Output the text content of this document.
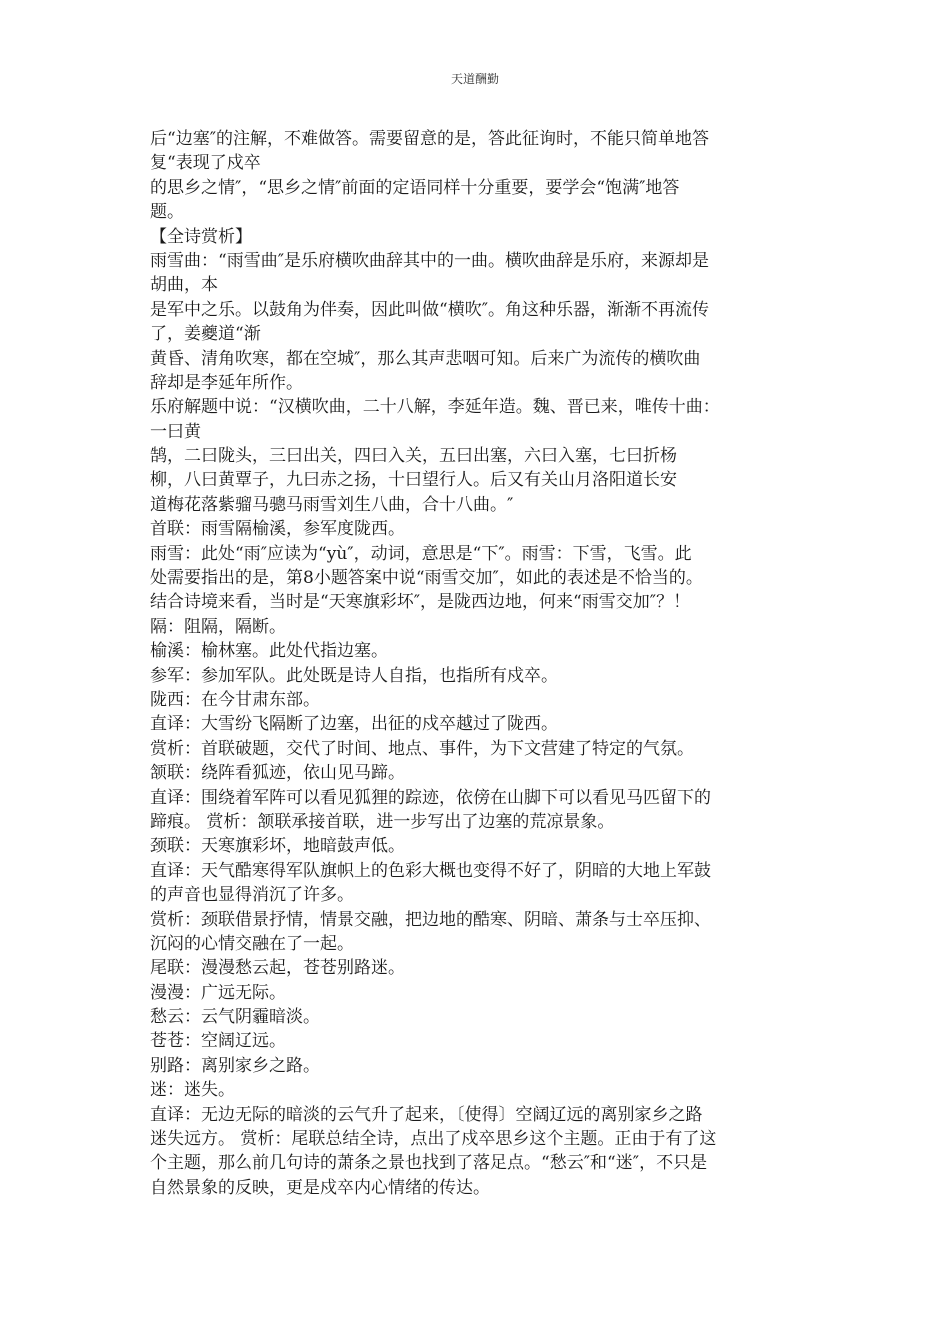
天道酬勤
后“边塞″的注解，不难做答。需要留意的是，答此征询时，不能只简单地答
复“表现了戍卒
的思乡之情″，“思乡之情″前面的定语同样十分重要，要学会“饱满″地答
题。
【全诗赏析】
雨雪曲：“雨雪曲″是乐府横吹曲辞其中的一曲。横吹曲辞是乐府，来源却是
胡曲，本
是军中之乐。以鼓角为伴奏，因此叫做“横吹″。角这种乐器，渐渐不再流传
了，姜夔道“渐
黄昏、清角吹寒，都在空城″，那么其声悲咽可知。后来广为流传的横吹曲
辞却是李延年所作。
乐府解题中说：“汉横吹曲，二十八解，李延年造。魏、晋已来，唯传十曲：
一曰黄
鹄，二曰陇头，三曰出关，四曰入关，五曰出塞，六曰入塞，七曰折杨
柳，八曰黄覃子，九曰赤之扬，十曰望行人。后又有关山月洛阳道长安
道梅花落紫骝马骢马雨雪刘生八曲，合十八曲。″
首联：雨雪隔榆溪，参军度陇西。
雨雪：此处“雨″应读为“yù″，动词，意思是“下″。雨雪：下雪，飞雪。此
处需要指出的是，第8小题答案中说“雨雪交加″，如此的表述是不恰当的。
结合诗境来看，当时是“天寒旗彩坏″，是陇西边地，何来“雨雪交加″？！
隔：阻隔，隔断。
榆溪：榆林塞。此处代指边塞。
参军：参加军队。此处既是诗人自指，也指所有戍卒。
陇西：在今甘肃东部。
直译：大雪纷飞隔断了边塞，出征的戍卒越过了陇西。
赏析：首联破题，交代了时间、地点、事件，为下文营建了特定的气氛。
颔联：绕阵看狐迹，依山见马蹄。
直译：围绕着军阵可以看见狐狸的踪迹，依傍在山脚下可以看见马匹留下的
蹄痕。 赏析：颔联承接首联，进一步写出了边塞的荒凉景象。
颈联：天寒旗彩坏，地暗鼓声低。
直译：天气酷寒得军队旗帜上的色彩大概也变得不好了，阴暗的大地上军鼓
的声音也显得消沉了许多。
赏析：颈联借景抒情，情景交融，把边地的酷寒、阴暗、萧条与士卒压抑、
沉闷的心情交融在了一起。
尾联：漫漫愁云起，苍苍别路迷。
漫漫：广远无际。
愁云：云气阴霾暗淡。
苍苍：空阔辽远。
别路：离别家乡之路。
迷：迷失。
直译：无边无际的暗淡的云气升了起来，〔使得〕空阔辽远的离别家乡之路
迷失远方。 赏析：尾联总结全诗，点出了戍卒思乡这个主题。正由于有了这
个主题，那么前几句诗的萧条之景也找到了落足点。“愁云″和“迷″，不只是
自然景象的反映，更是戍卒内心情绪的传达。
